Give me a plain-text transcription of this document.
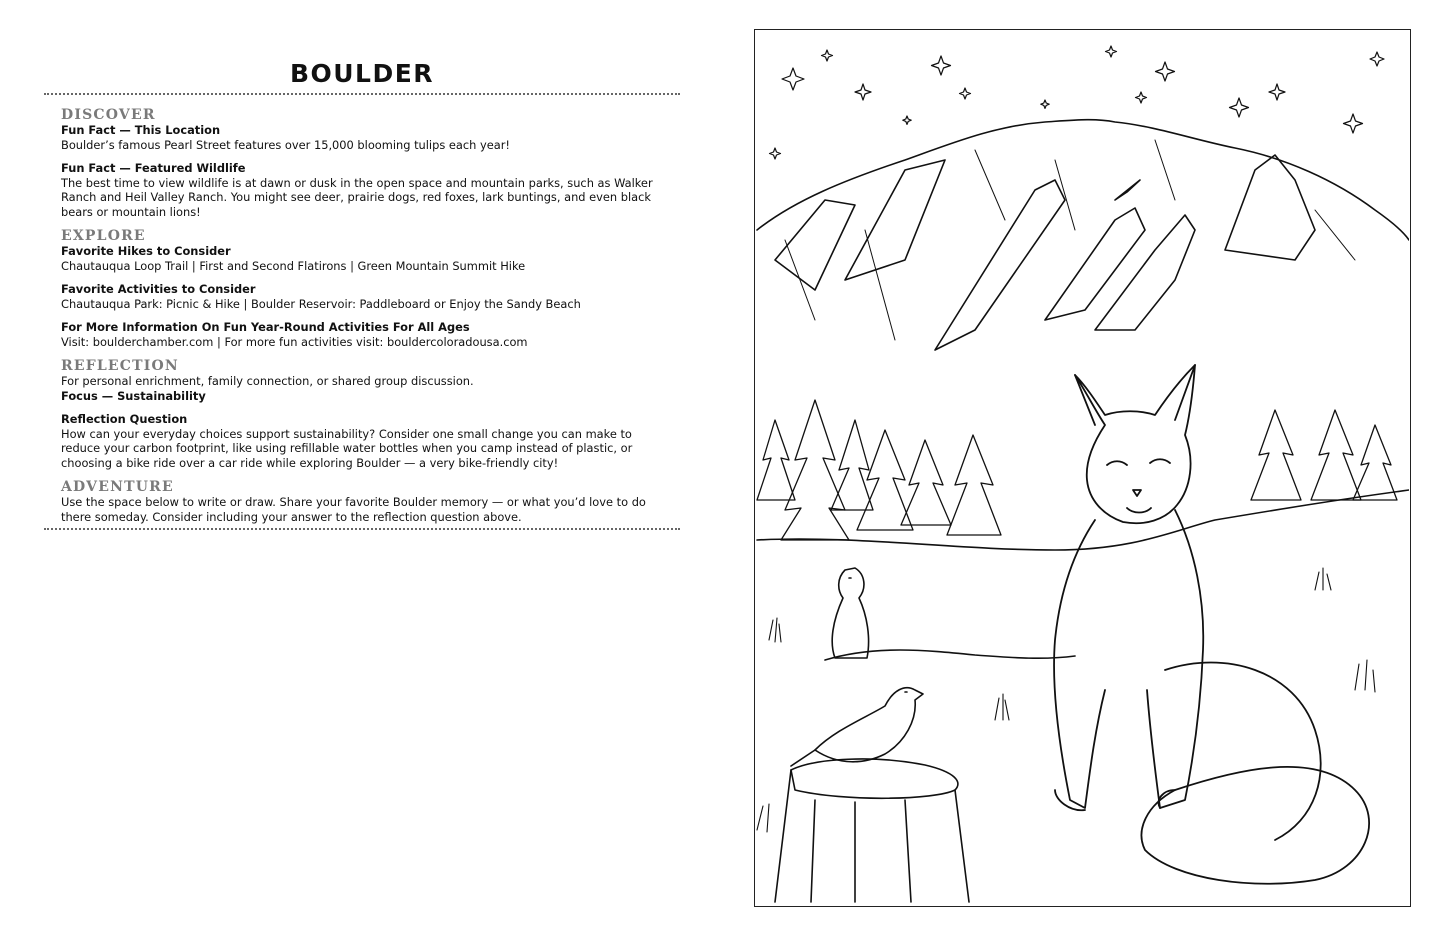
BOULDER
DISCOVER
Fun Fact — This Location
Boulder’s famous Pearl Street features over 15,000 blooming tulips each year!
Fun Fact — Featured Wildlife
The best time to view wildlife is at dawn or dusk in the open space and mountain parks, such as Walker Ranch and Heil Valley Ranch. You might see deer, prairie dogs, red foxes, lark buntings, and even black bears or mountain lions!
EXPLORE
Favorite Hikes to Consider
Chautauqua Loop Trail | First and Second Flatirons | Green Mountain Summit Hike
Favorite Activities to Consider
Chautauqua Park: Picnic & Hike | Boulder Reservoir: Paddleboard or Enjoy the Sandy Beach
For More Information On Fun Year-Round Activities For All Ages
Visit: boulderchamber.com | For more fun activities visit: bouldercoloradousa.com
REFLECTION
For personal enrichment, family connection, or shared group discussion.
Focus — Sustainability
Reflection Question
How can your everyday choices support sustainability? Consider one small change you can make to reduce your carbon footprint, like using refillable water bottles when you camp instead of plastic, or choosing a bike ride over a car ride while exploring Boulder — a very bike-friendly city!
ADVENTURE
Use the space below to write or draw. Share your favorite Boulder memory — or what you’d love to do there someday. Consider including your answer to the reflection question above.
